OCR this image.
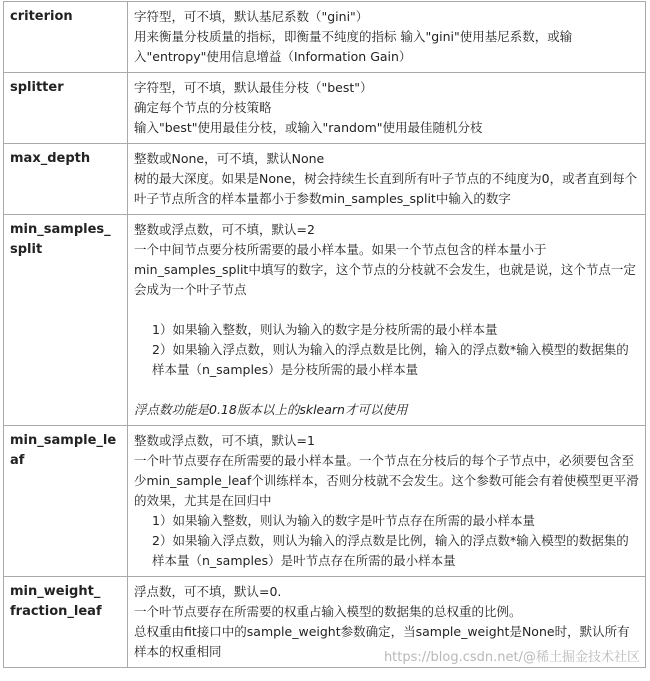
criterion	字符型，可不填，默认基尼系数（"gini"）
用来衡量分枝质量的指标，即衡量不纯度的指标 输入"gini"使用基尼系数，或输入"entropy"使用信息增益（Information Gain）

splitter	字符型，可不填，默认最佳分枝（"best"）
确定每个节点的分枝策略
输入"best"使用最佳分枝，或输入"random"使用最佳随机分枝

max_depth	整数或None，可不填，默认None
树的最大深度。如果是None，树会持续生长直到所有叶子节点的不纯度为0，或者直到每个叶子节点所含的样本量都小于参数min_samples_split中输入的数字

min_samples_
split	整数或浮点数，可不填，默认=2
一个中间节点要分枝所需要的最小样本量。如果一个节点包含的样本量小于min_samples_split中填写的数字，这个节点的分枝就不会发生，也就是说，这个节点一定会成为一个叶子节点
1）如果输入整数，则认为输入的数字是分枝所需的最小样本量
2）如果输入浮点数，则认为输入的浮点数是比例，输入的浮点数*输入模型的数据集的样本量（n_samples）是分枝所需的最小样本量
浮点数功能是0.18版本以上的sklearn才可以使用

min_sample_leaf	整数或浮点数，可不填，默认=1
一个叶节点要存在所需要的最小样本量。一个节点在分枝后的每个子节点中，必须要包含至少min_sample_leaf个训练样本，否则分枝就不会发生。这个参数可能会有着使模型更平滑的效果，尤其是在回归中
1）如果输入整数，则认为输入的数字是叶节点存在所需的最小样本量
2）如果输入浮点数，则认为输入的浮点数是比例，输入的浮点数*输入模型的数据集的样本量（n_samples）是叶节点存在所需的最小样本量

min_weight_
fraction_leaf	浮点数，可不填，默认=0.
一个叶节点要存在所需要的权重占输入模型的数据集的总权重的比例。
总权重由fit接口中的sample_weight参数确定，当sample_weight是None时，默认所有样本的权重相同	https://blog.csdn.net/@稀土掘金技术社区
